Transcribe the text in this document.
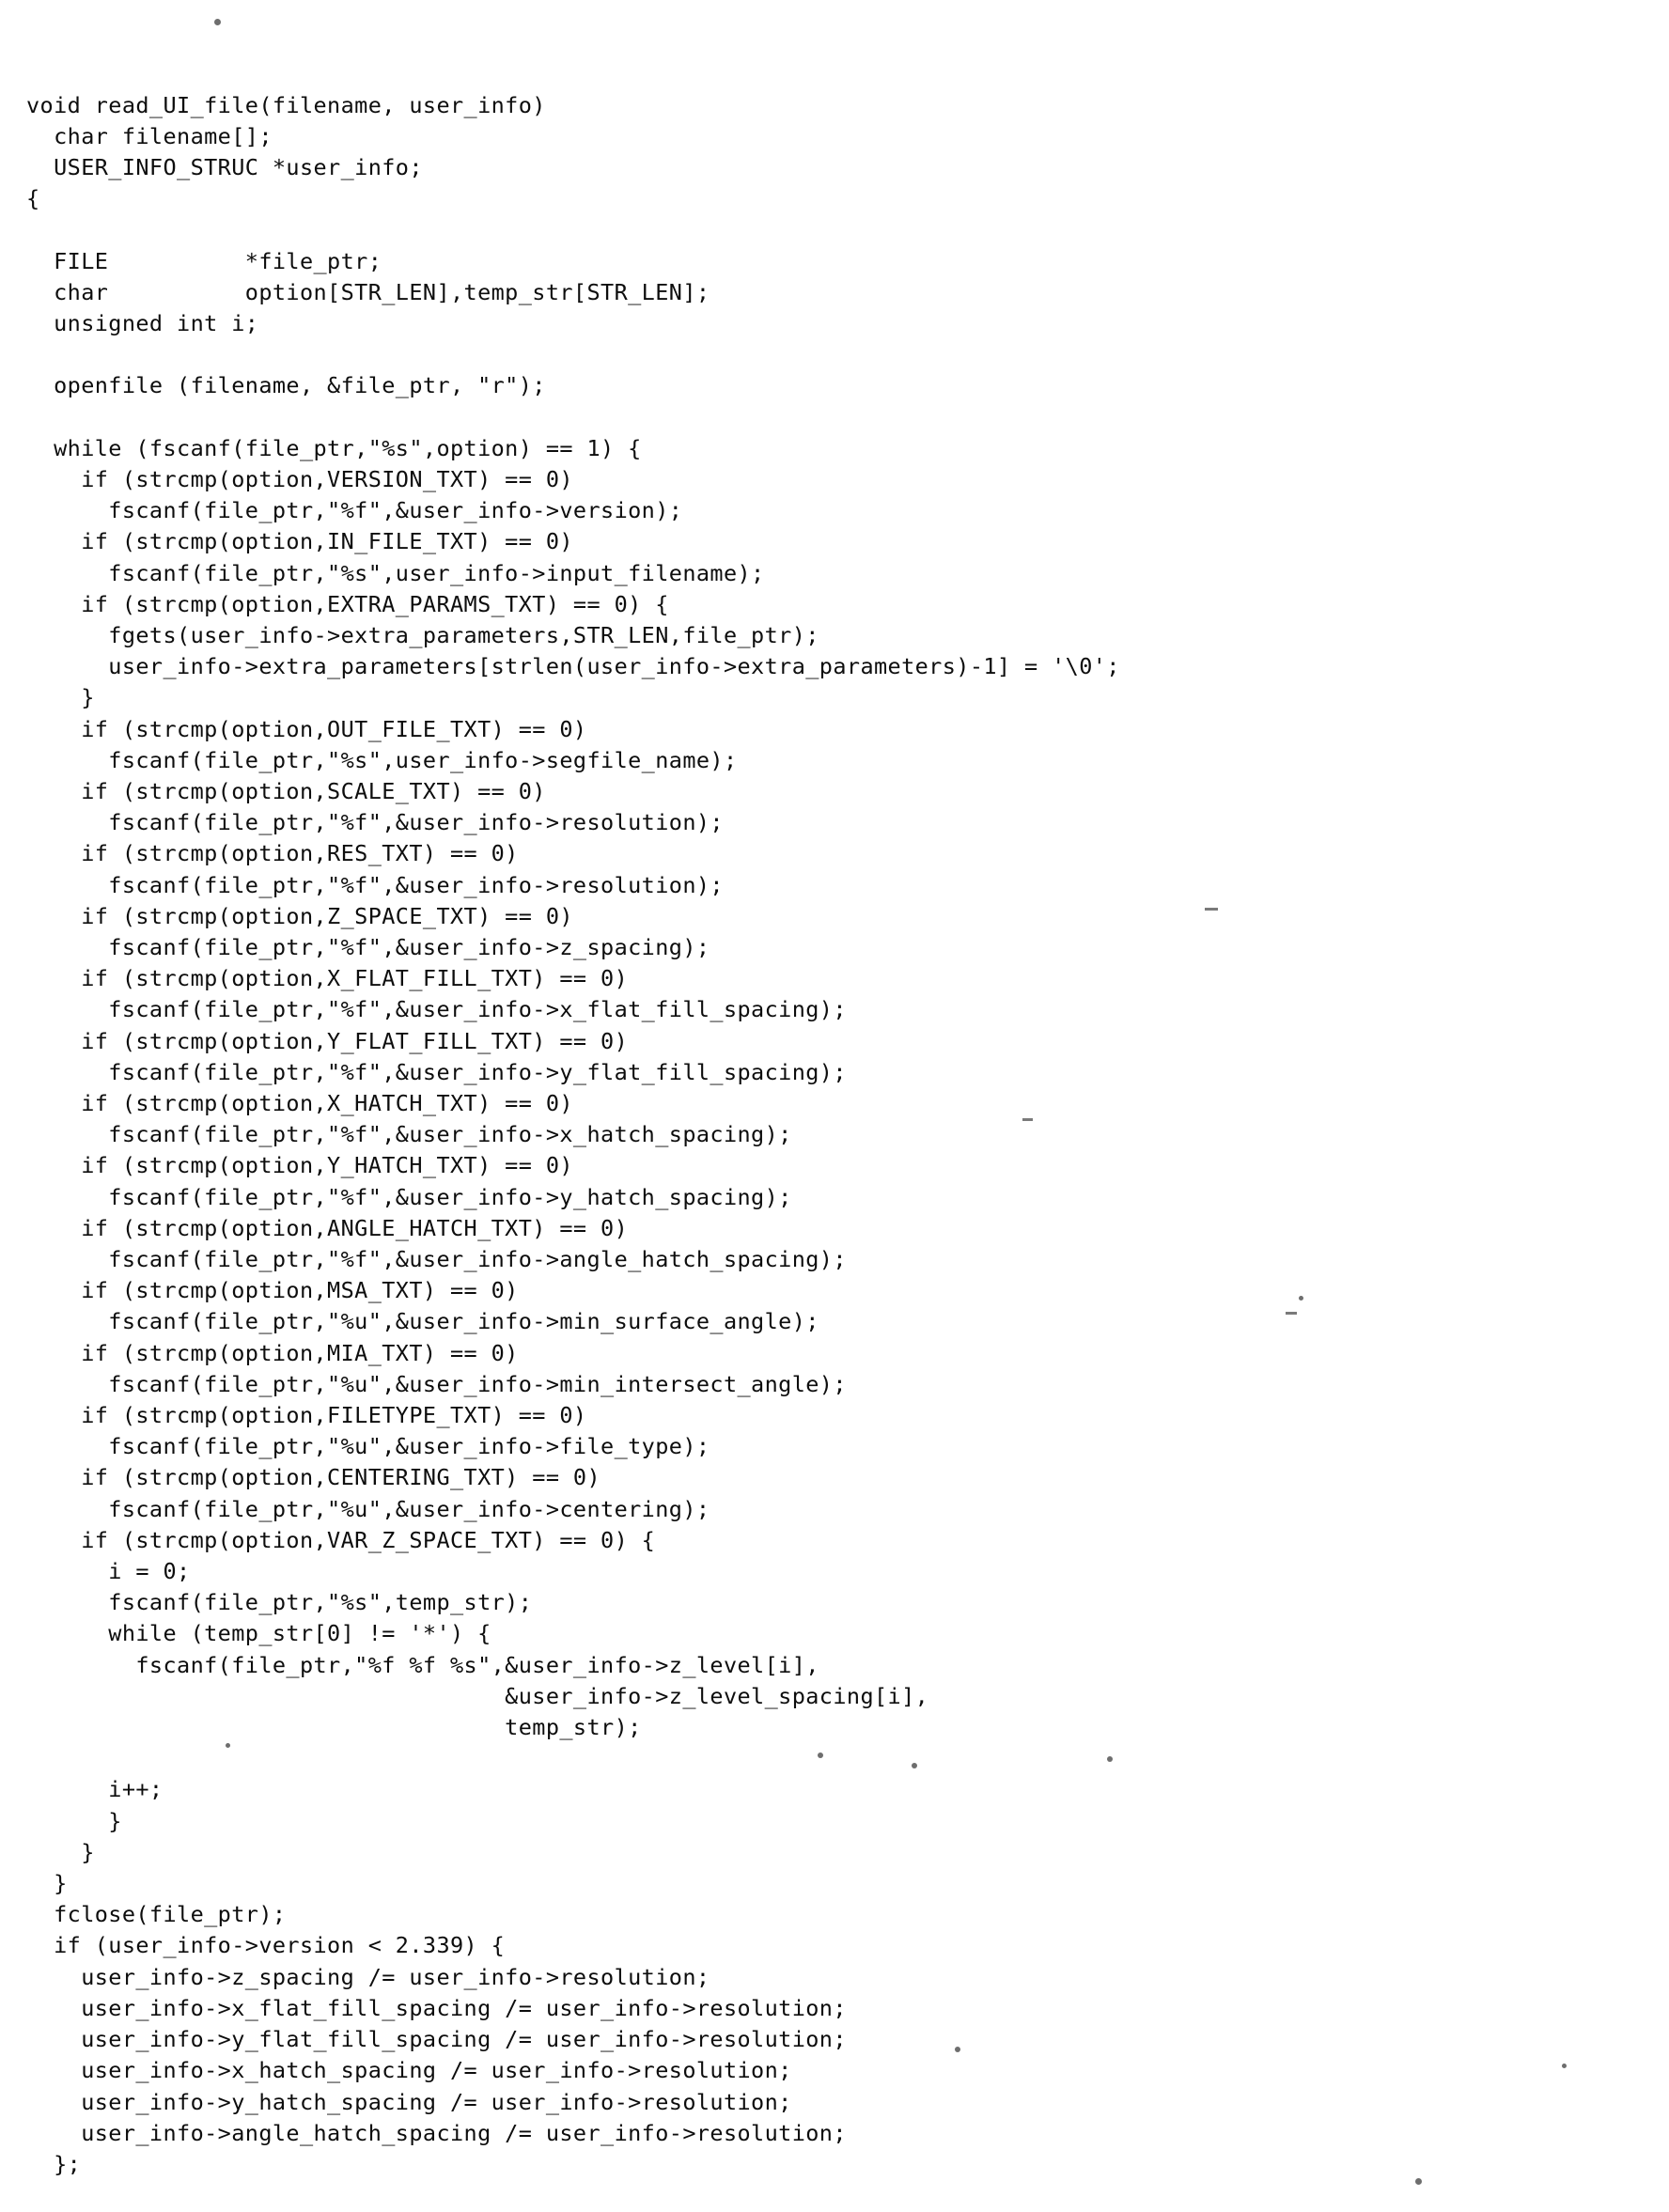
void read_UI_file(filename, user_info)
char filename[];
USER_INFO_STRUC *user_info;
{

FILE          *file_ptr;
char          option[STR_LEN],temp_str[STR_LEN];
unsigned int i;

openfile (filename, &file_ptr, "r");

while (fscanf(file_ptr,"%s",option) == 1) {
if (strcmp(option,VERSION_TXT) == 0)
fscanf(file_ptr,"%f",&user_info->version);
if (strcmp(option,IN_FILE_TXT) == 0)
fscanf(file_ptr,"%s",user_info->input_filename);
if (strcmp(option,EXTRA_PARAMS_TXT) == 0) {
fgets(user_info->extra_parameters,STR_LEN,file_ptr);
user_info->extra_parameters[strlen(user_info->extra_parameters)-1] = '\0';
}
if (strcmp(option,OUT_FILE_TXT) == 0)
fscanf(file_ptr,"%s",user_info->segfile_name);
if (strcmp(option,SCALE_TXT) == 0)
fscanf(file_ptr,"%f",&user_info->resolution);
if (strcmp(option,RES_TXT) == 0)
fscanf(file_ptr,"%f",&user_info->resolution);
if (strcmp(option,Z_SPACE_TXT) == 0)
fscanf(file_ptr,"%f",&user_info->z_spacing);
if (strcmp(option,X_FLAT_FILL_TXT) == 0)
fscanf(file_ptr,"%f",&user_info->x_flat_fill_spacing);
if (strcmp(option,Y_FLAT_FILL_TXT) == 0)
fscanf(file_ptr,"%f",&user_info->y_flat_fill_spacing);
if (strcmp(option,X_HATCH_TXT) == 0)
fscanf(file_ptr,"%f",&user_info->x_hatch_spacing);
if (strcmp(option,Y_HATCH_TXT) == 0)
fscanf(file_ptr,"%f",&user_info->y_hatch_spacing);
if (strcmp(option,ANGLE_HATCH_TXT) == 0)
fscanf(file_ptr,"%f",&user_info->angle_hatch_spacing);
if (strcmp(option,MSA_TXT) == 0)
fscanf(file_ptr,"%u",&user_info->min_surface_angle);
if (strcmp(option,MIA_TXT) == 0)
fscanf(file_ptr,"%u",&user_info->min_intersect_angle);
if (strcmp(option,FILETYPE_TXT) == 0)
fscanf(file_ptr,"%u",&user_info->file_type);
if (strcmp(option,CENTERING_TXT) == 0)
fscanf(file_ptr,"%u",&user_info->centering);
if (strcmp(option,VAR_Z_SPACE_TXT) == 0) {
i = 0;
fscanf(file_ptr,"%s",temp_str);
while (temp_str[0] != '*') {
fscanf(file_ptr,"%f %f %s",&user_info->z_level[i],
&user_info->z_level_spacing[i],
temp_str);

i++;
}
}
}
fclose(file_ptr);
if (user_info->version < 2.339) {
user_info->z_spacing /= user_info->resolution;
user_info->x_flat_fill_spacing /= user_info->resolution;
user_info->y_flat_fill_spacing /= user_info->resolution;
user_info->x_hatch_spacing /= user_info->resolution;
user_info->y_hatch_spacing /= user_info->resolution;
user_info->angle_hatch_spacing /= user_info->resolution;
};
